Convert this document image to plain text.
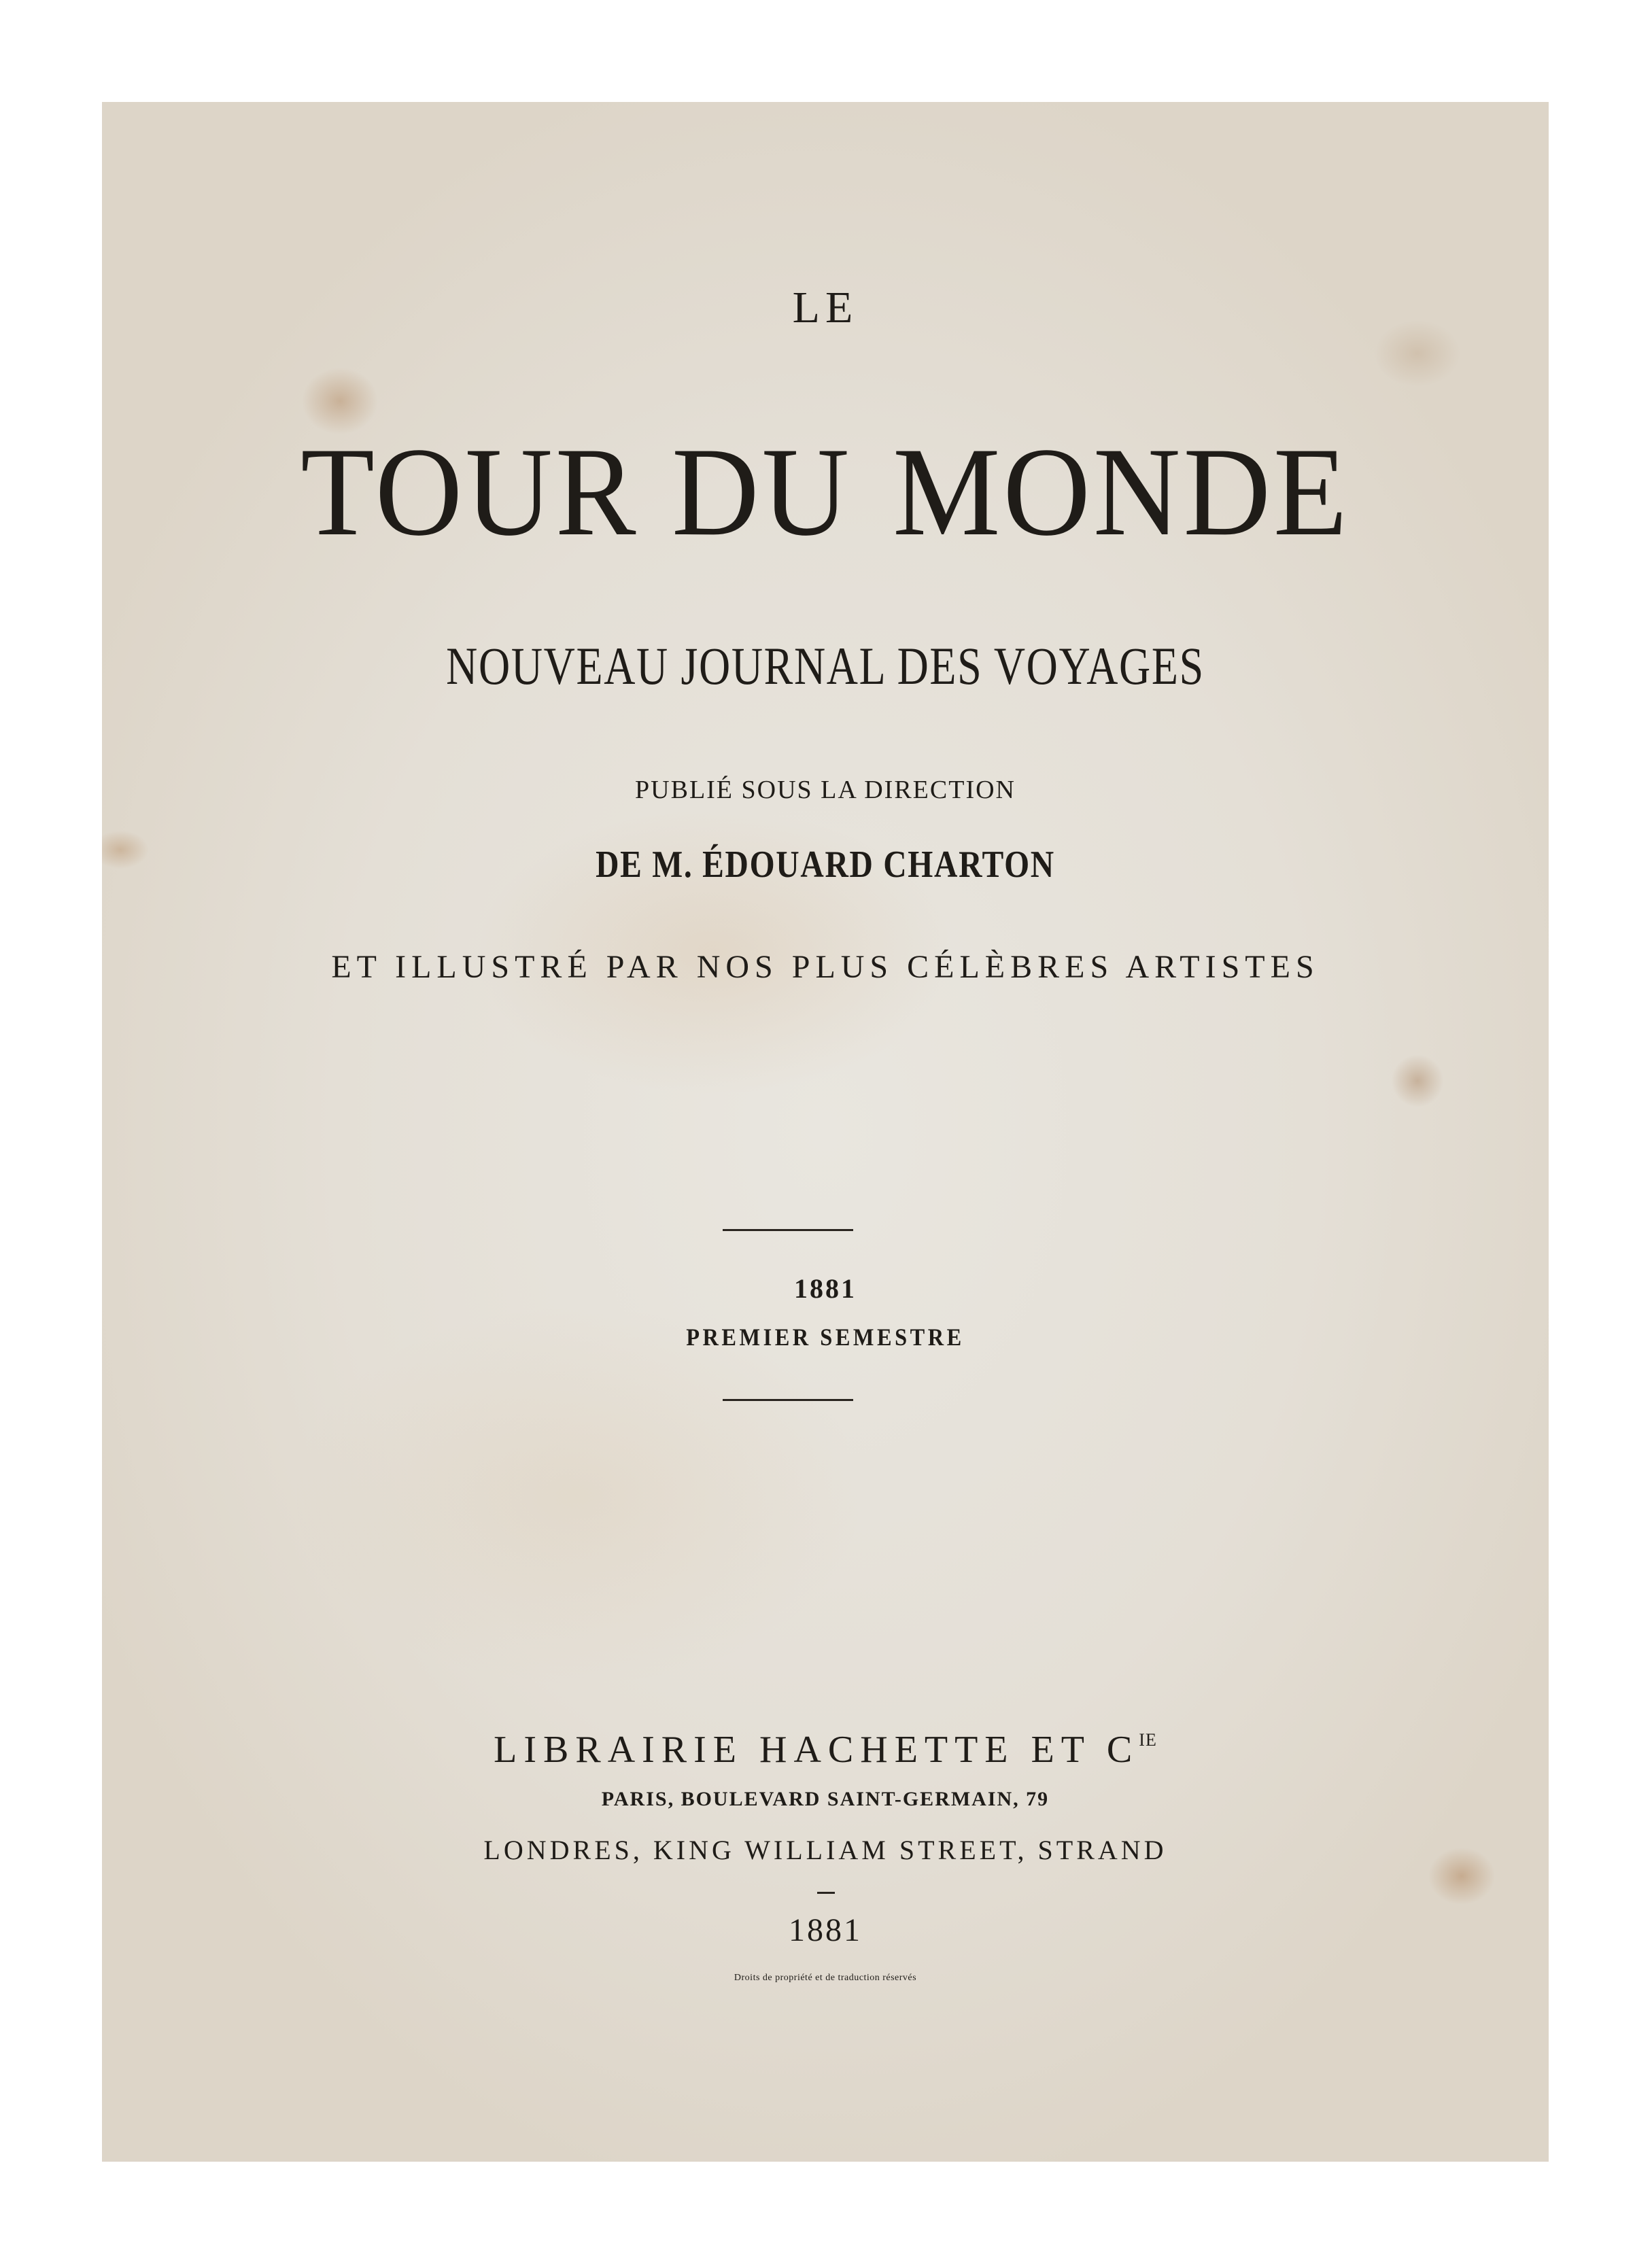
LE

TOUR DU MONDE

NOUVEAU JOURNAL DES VOYAGES

PUBLIÉ SOUS LA DIRECTION

DE M. ÉDOUARD CHARTON

ET ILLUSTRÉ PAR NOS PLUS CÉLÈBRES ARTISTES

1881

PREMIER SEMESTRE

LIBRAIRIE HACHETTE ET $C^{IE}$

PARIS, BOULEVARD SAINT-GERMAIN, 79

LONDRES, KING WILLIAM STREET, STRAND

1881

Droits de propriété et de traduction réservés
